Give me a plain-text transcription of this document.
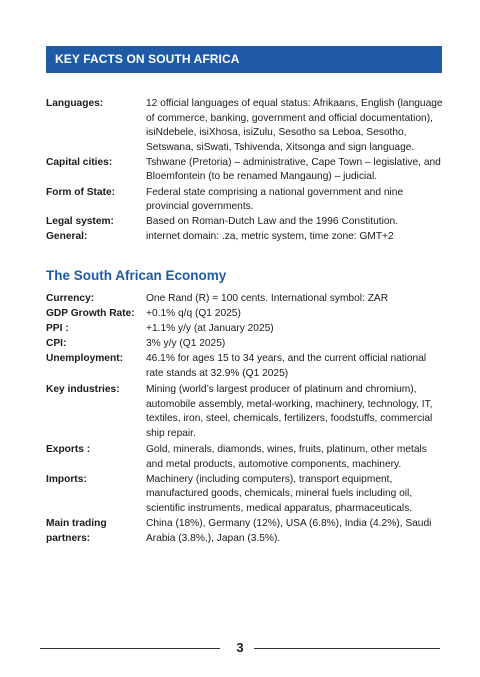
KEY FACTS ON SOUTH AFRICA
Languages:	12 official languages of equal status: Afrikaans, English (language of commerce, banking, government and official documentation), isiNdebele, isiXhosa, isiZulu, Sesotho sa Leboa, Sesotho, Setswana, siSwati, Tshivenda, Xitsonga and sign language.
Capital cities:	Tshwane (Pretoria) – administrative, Cape Town – legislative, and Bloemfontein (to be renamed Mangaung) – judicial.
Form of State:	Federal state comprising a national government and nine provincial governments.
Legal system:	Based on Roman-Dutch Law and the 1996 Constitution.
General:	internet domain: .za, metric system, time zone: GMT+2
The South African Economy
Currency:	One Rand (R) = 100 cents. International symbol: ZAR
GDP Growth Rate:	+0.1% q/q (Q1 2025)
PPI :	+1.1% y/y (at January 2025)
CPI:	3% y/y (Q1 2025)
Unemployment:	46.1% for ages 15 to 34 years, and the current official national rate stands at 32.9% (Q1 2025)
Key industries:	Mining (world’s largest producer of platinum and chromium), automobile assembly, metal-working, machinery, technology, IT, textiles, iron, steel, chemicals, fertilizers, foodstuffs, commercial ship repair.
Exports :	Gold, minerals, diamonds, wines, fruits, platinum, other metals and metal products, automotive components, machinery.
Imports:	Machinery (including computers), transport equipment, manufactured goods, chemicals, mineral fuels including oil, scientific instruments, medical apparatus, pharmaceuticals.
Main trading partners:
China (18%), Germany (12%), USA (6.8%), India (4.2%), Saudi Arabia (3.8%,), Japan (3.5%).
3
